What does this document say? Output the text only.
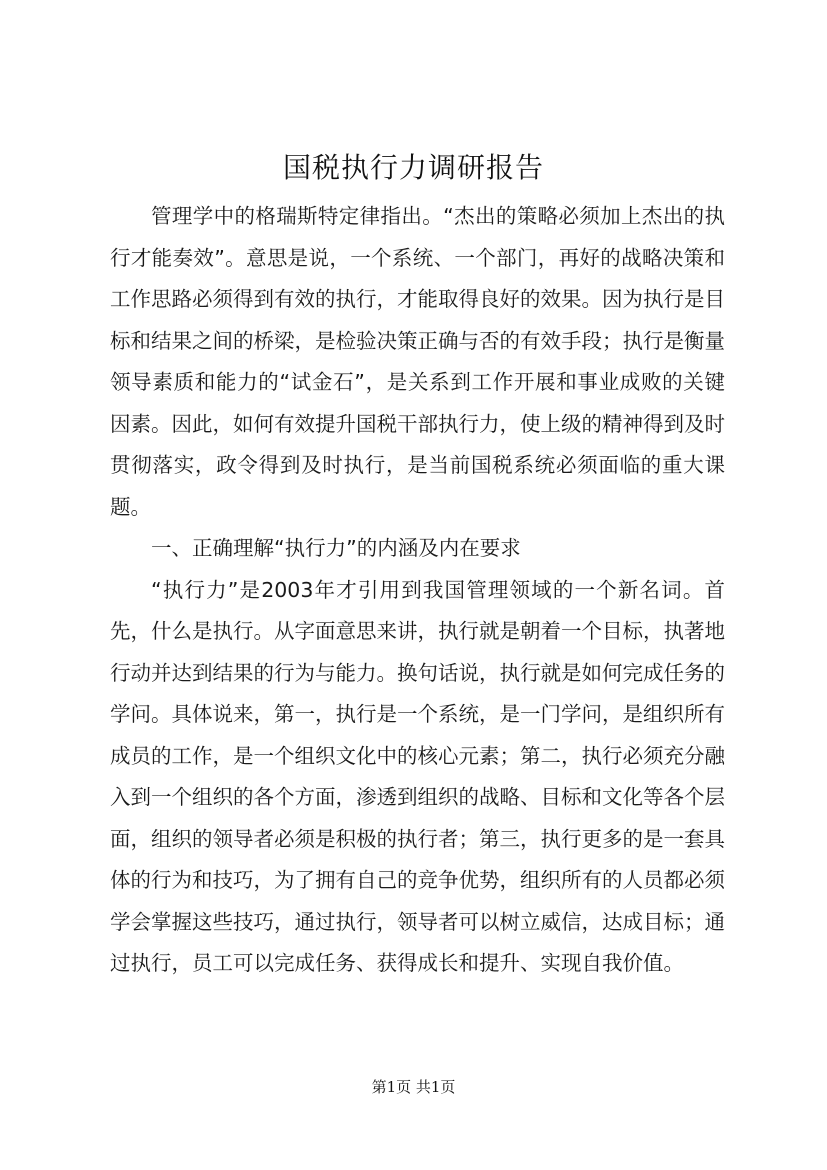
国税执行力调研报告

管理学中的格瑞斯特定律指出。“杰出的策略必须加上杰出的执行才能奏效”。意思是说，一个系统、一个部门，再好的战略决策和工作思路必须得到有效的执行，才能取得良好的效果。因为执行是目标和结果之间的桥梁，是检验决策正确与否的有效手段；执行是衡量领导素质和能力的“试金石”，是关系到工作开展和事业成败的关键因素。因此，如何有效提升国税干部执行力，使上级的精神得到及时贯彻落实，政令得到及时执行，是当前国税系统必须面临的重大课题。

一、正确理解“执行力”的内涵及内在要求

“执行力”是2003年才引用到我国管理领域的一个新名词。首先，什么是执行。从字面意思来讲，执行就是朝着一个目标，执著地行动并达到结果的行为与能力。换句话说，执行就是如何完成任务的学问。具体说来，第一，执行是一个系统，是一门学问，是组织所有成员的工作，是一个组织文化中的核心元素；第二，执行必须充分融入到一个组织的各个方面，渗透到组织的战略、目标和文化等各个层面，组织的领导者必须是积极的执行者；第三，执行更多的是一套具体的行为和技巧，为了拥有自己的竞争优势，组织所有的人员都必须学会掌握这些技巧，通过执行，领导者可以树立威信，达成目标；通过执行，员工可以完成任务、获得成长和提升、实现自我价值。

第1页 共1页
